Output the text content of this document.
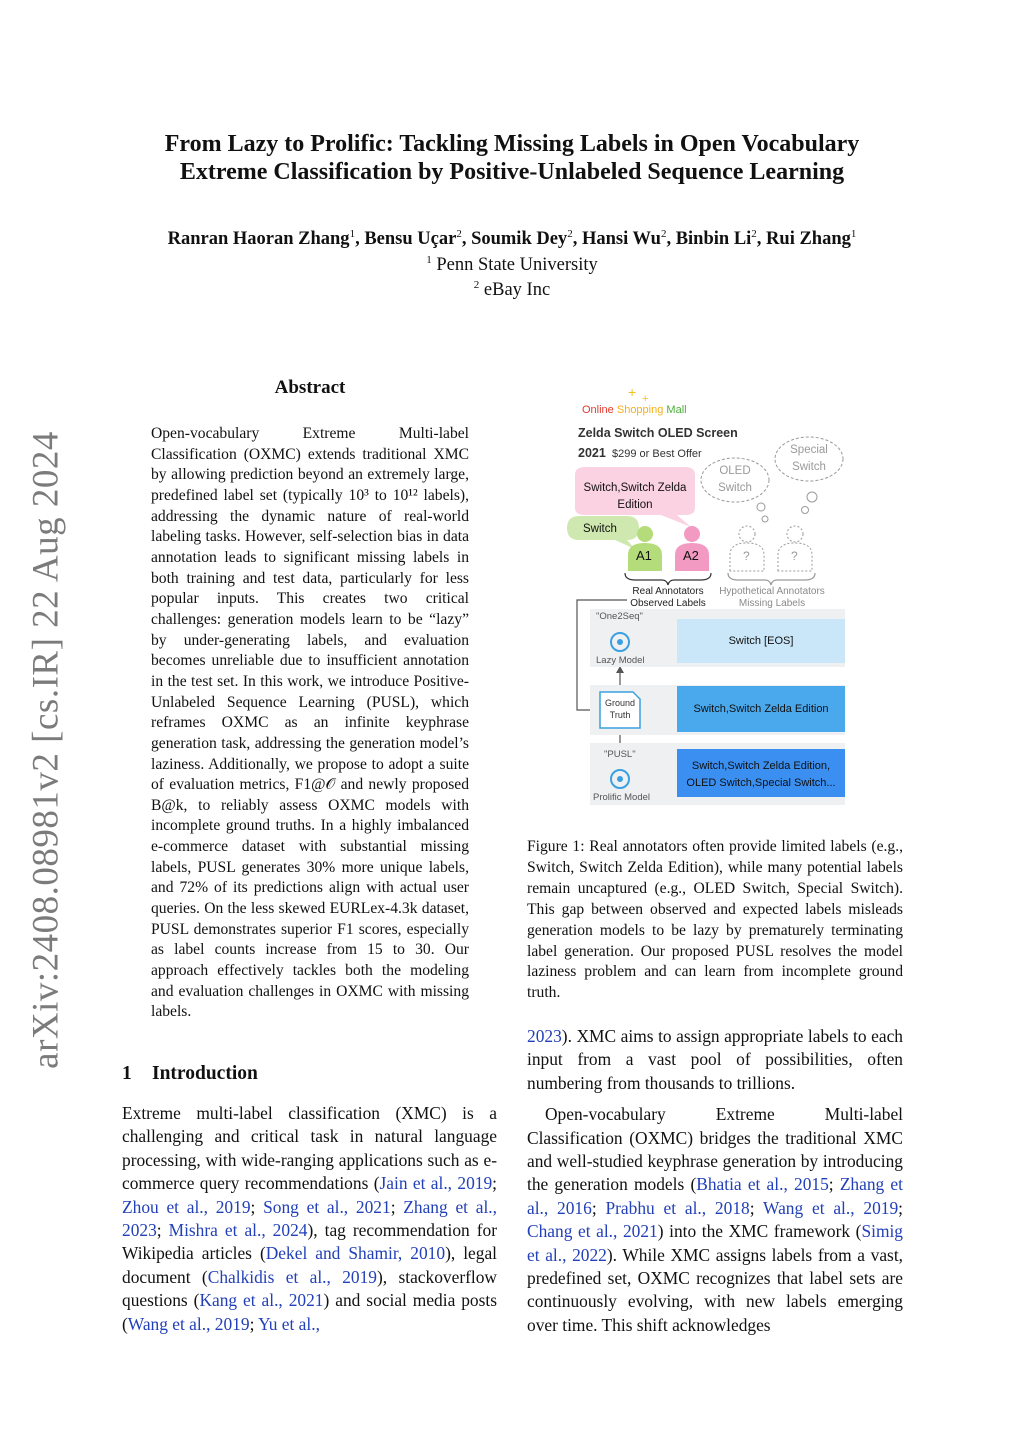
arXiv:2408.08981v2 [cs.IR] 22 Aug 2024
From Lazy to Prolific: Tackling Missing Labels in Open Vocabulary
Extreme Classification by Positive-Unlabeled Sequence Learning
Ranran Haoran Zhang$^1$, Bensu Uçar$^2$, Soumik Dey$^2$, Hansi Wu$^2$, Binbin Li$^2$, Rui Zhang$^1$
$^1$ Penn State University
$^2$ eBay Inc
Abstract
Open-vocabulary Extreme Multi-label Classification (OXMC) extends traditional XMC by allowing prediction beyond an extremely large, predefined label set (typically 10³ to 10¹² labels), addressing the dynamic nature of real-world labeling tasks. However, self-selection bias in data annotation leads to significant missing labels in both training and test data, particularly for less popular inputs. This creates two critical challenges: generation models learn to be “lazy” by under-generating labels, and evaluation becomes unreliable due to insufficient annotation in the test set. In this work, we introduce Positive-Unlabeled Sequence Learning (PUSL), which reframes OXMC as an infinite keyphrase generation task, addressing the generation model’s laziness. Additionally, we propose to adopt a suite of evaluation metrics, F1@𝒪 and newly proposed B@k, to reliably assess OXMC models with incomplete ground truths. In a highly imbalanced e-commerce dataset with substantial missing labels, PUSL generates 30% more unique labels, and 72% of its predictions align with actual user queries. On the less skewed EURLex-4.3k dataset, PUSL demonstrates superior F1 scores, especially as label counts increase from 15 to 30. Our approach effectively tackles both the modeling and evaluation challenges in OXMC with missing labels.
1 Introduction
Extreme multi-label classification (XMC) is a challenging and critical task in natural language processing, with wide-ranging applications such as e-commerce query recommendations (Jain et al., 2019; Zhou et al., 2019; Song et al., 2021; Zhang et al., 2023; Mishra et al., 2024), tag recommendation for Wikipedia articles (Dekel and Shamir, 2010), legal document (Chalkidis et al., 2019), stackoverflow questions (Kang et al., 2021) and social media posts (Wang et al., 2019; Yu et al.,
+ +
Online Shopping Mall
Zelda Switch OLED Screen
2021 $299 or Best Offer
Switch,Switch Zelda Edition
Switch
OLED Switch
Special Switch
A1 A2	?	?
Real Annotators
Observed Labels
Hypothetical Annotators
Missing Labels
"One2Seq"
Lazy Model
Ground Truth
"PUSL"
Prolific Model
Switch [EOS]
Switch,Switch Zelda Edition
Switch,Switch Zelda Edition,
OLED Switch,Special Switch...
Figure 1: Real annotators often provide limited labels (e.g., Switch, Switch Zelda Edition), while many potential labels remain uncaptured (e.g., OLED Switch, Special Switch). This gap between observed and expected labels misleads generation models to be lazy by prematurely terminating label generation. Our proposed PUSL resolves the model laziness problem and can learn from incomplete ground truth.

2023). XMC aims to assign appropriate labels to each input from a vast pool of possibilities, often numbering from thousands to trillions.

Open-vocabulary Extreme Multi-label Classification (OXMC) bridges the traditional XMC and well-studied keyphrase generation by introducing the generation models (Bhatia et al., 2015; Zhang et al., 2016; Prabhu et al., 2018; Wang et al., 2019; Chang et al., 2021) into the XMC framework (Simig et al., 2022). While XMC assigns labels from a vast, predefined set, OXMC recognizes that label sets are continuously evolving, with new labels emerging over time. This shift acknowledges
